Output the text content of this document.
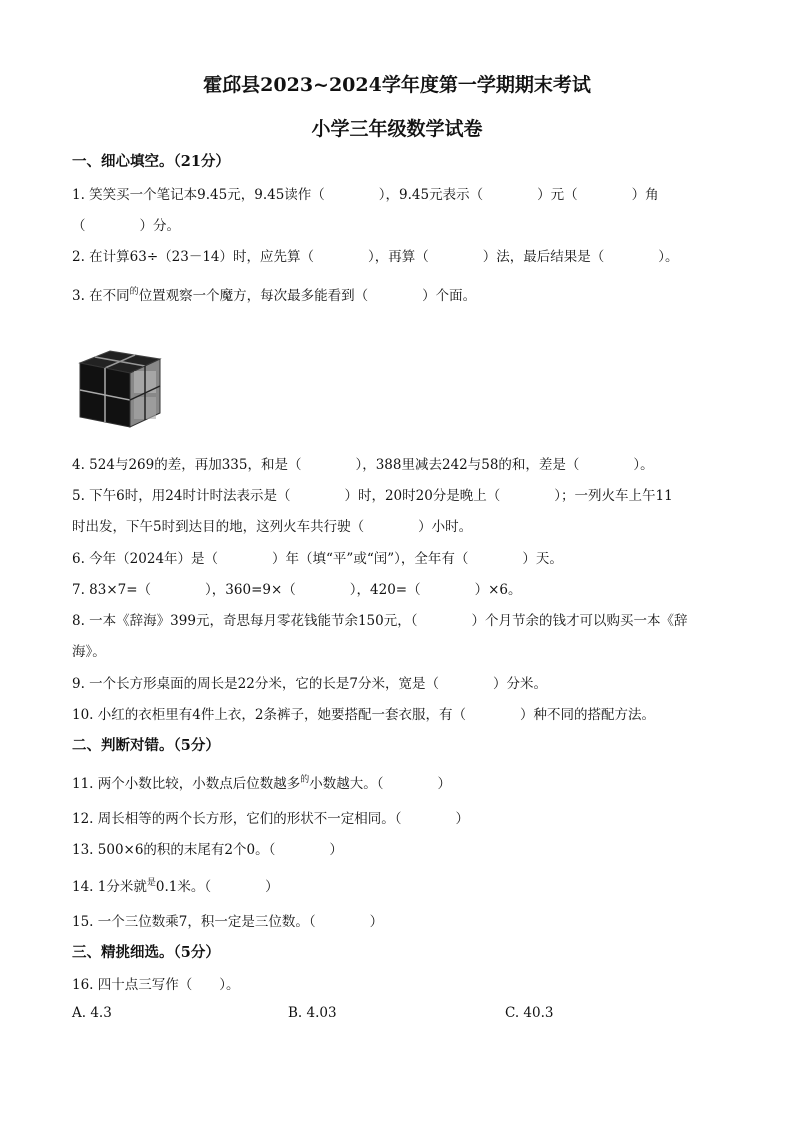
霍邱县2023~2024学年度第一学期期末考试
小学三年级数学试卷
一、细心填空。（21分）
1. 笑笑买一个笔记本9.45元，9.45读作（　　　　），9.45元表示（　　　　）元（　　　　）角
（　　　　）分。
2. 在计算63÷（23－14）时，应先算（　　　　），再算（　　　　）法，最后结果是（　　　　）。
3. 在不同$^的$位置观察一个魔方，每次最多能看到（　　　　）个面。
4. 524与269的差，再加335，和是（　　　　），388里减去242与58的和，差是（　　　　）。
5. 下午6时，用24时计时法表示是（　　　　）时，20时20分是晚上（　　　　）；一列火车上午11
时出发，下午5时到达目的地，这列火车共行驶（　　　　）小时。
6. 今年（2024年）是（　　　　）年（填“平”或“闰”），全年有（　　　　）天。
7. 83×7=（　　　　），360=9×（　　　　），420=（　　　　）×6。
8. 一本《辞海》399元，奇思每月零花钱能节余150元，（　　　　）个月节余的钱才可以购买一本《辞
海》。
9. 一个长方形桌面的周长是22分米，它的长是7分米，宽是（　　　　）分米。
10. 小红的衣柜里有4件上衣，2条裤子，她要搭配一套衣服，有（　　　　）种不同的搭配方法。
二、判断对错。（5分）
11. 两个小数比较，小数点后位数越多$^的$小数越大。（　　　　）
12. 周长相等的两个长方形，它们的形状不一定相同。（　　　　）
13. 500×6的积的末尾有2个0。（　　　　）
14. 1分米就$^是$0.1米。（　　　　）
15. 一个三位数乘7，积一定是三位数。（　　　　）
三、精挑细选。（5分）
16. 四十点三写作（　　）。
A. 4.3	B. 4.03	C. 40.3
